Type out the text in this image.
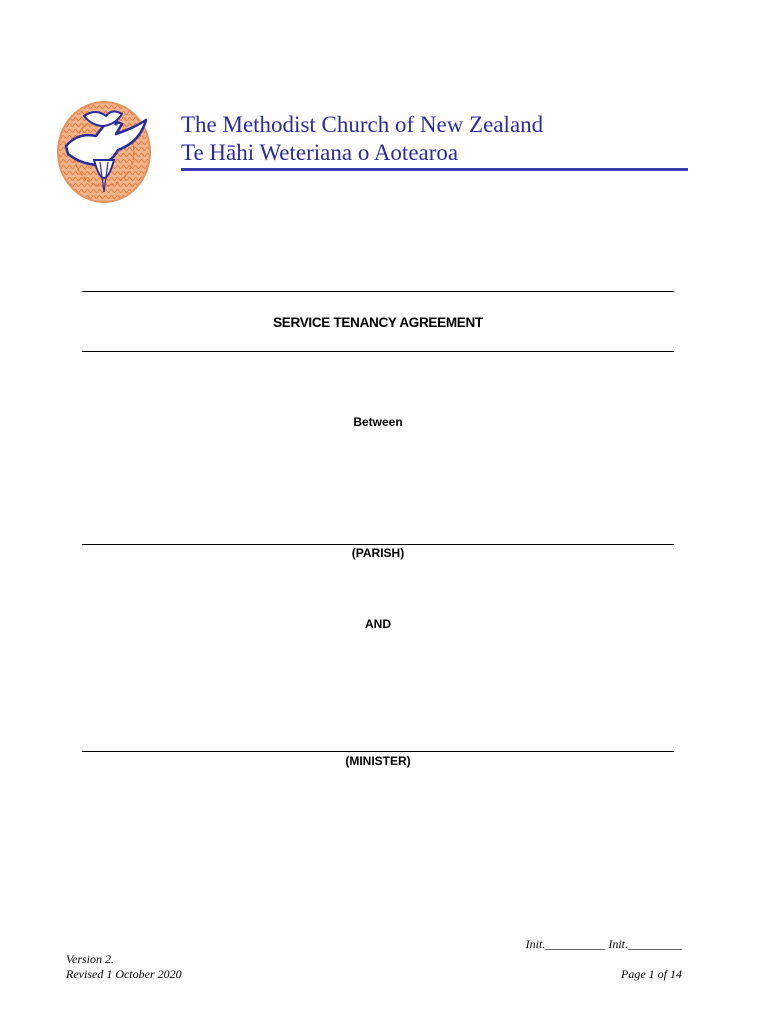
The Methodist Church of New Zealand
Te Hāhi Weteriana o Aotearoa
SERVICE TENANCY AGREEMENT
Between
(PARISH)
AND
(MINISTER)
Init.__________ Init._________
Version 2.
Revised 1 October 2020	Page 1 of 14
